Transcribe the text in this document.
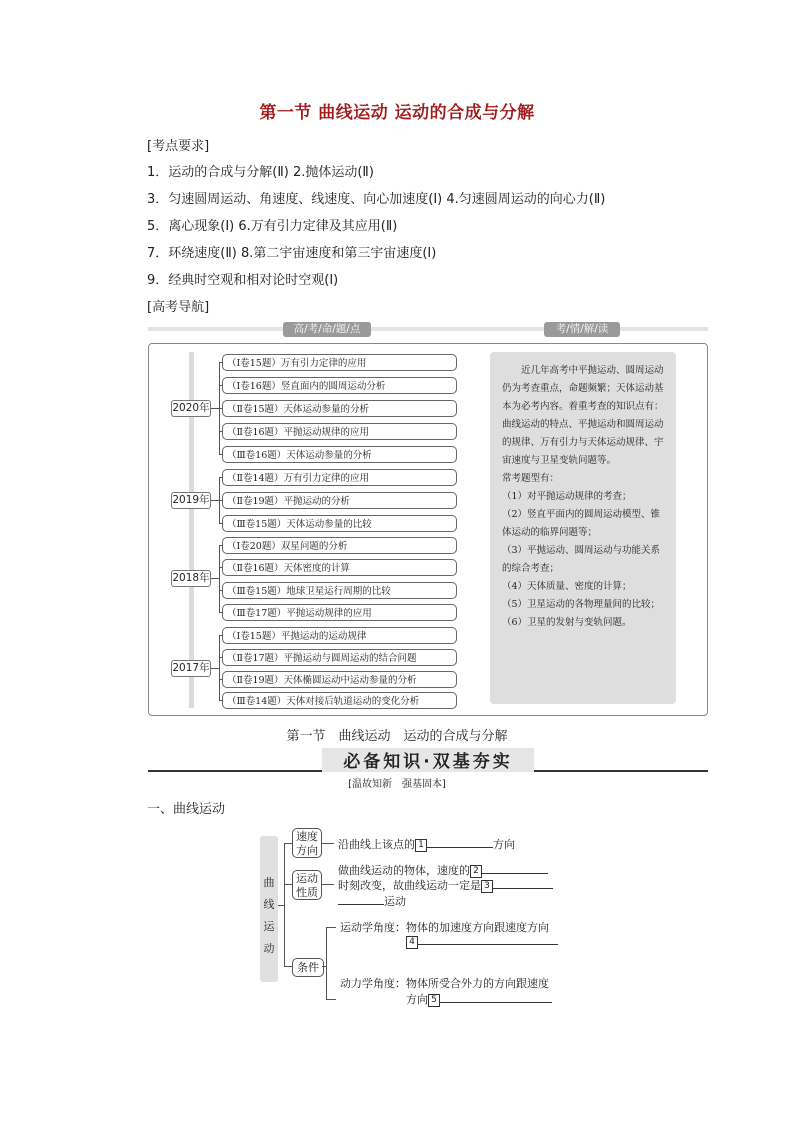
第一节 曲线运动 运动的合成与分解
[考点要求]
1．运动的合成与分解(Ⅱ) 2.抛体运动(Ⅱ)
3．匀速圆周运动、角速度、线速度、向心加速度(Ⅰ) 4.匀速圆周运动的向心力(Ⅱ)
5．离心现象(Ⅰ) 6.万有引力定律及其应用(Ⅱ)
7．环绕速度(Ⅱ) 8.第二宇宙速度和第三宇宙速度(Ⅰ)
9．经典时空观和相对论时空观(Ⅰ)
[高考导航]
高/考/命/题/点	考/情/解/读
2020年
2019年
2018年
2017年
（Ⅰ卷15题）万有引力定律的应用
（Ⅰ卷16题）竖直面内的圆周运动分析
（Ⅱ卷15题）天体运动参量的分析
（Ⅱ卷16题）平抛运动规律的应用
（Ⅲ卷16题）天体运动参量的分析
（Ⅱ卷14题）万有引力定律的应用
（Ⅱ卷19题）平抛运动的分析
（Ⅲ卷15题）天体运动参量的比较
（Ⅰ卷20题）双星问题的分析
（Ⅱ卷16题）天体密度的计算
（Ⅲ卷15题）地球卫星运行周期的比较
（Ⅲ卷17题）平抛运动规律的应用
（Ⅰ卷15题）平抛运动的运动规律
（Ⅱ卷17题）平抛运动与圆周运动的结合问题
（Ⅱ卷19题）天体椭圆运动中运动参量的分析
（Ⅲ卷14题）天体对接后轨道运动的变化分析

　　近几年高考中平抛运动、圆周运动仍为考查重点，命题频繁；天体运动基本为必考内容。着重考查的知识点有：曲线运动的特点、平抛运动和圆周运动的规律、万有引力与天体运动规律、宇宙速度与卫星变轨问题等。

常考题型有：

（1）对平抛运动规律的考查；

（2）竖直平面内的圆周运动模型、锥体运动的临界问题等；

（3）平抛运动、圆周运动与功能关系的综合考查；

（4）天体质量、密度的计算；

（5）卫星运动的各物理量间的比较；

（6）卫星的发射与变轨问题。

第一节　曲线运动　运动的合成与分解
必备知识·双基夯实
[温故知新　强基固本]
一、曲线运动
曲线运动
速度方向
运动性质
条件
沿曲线上该点的 1	方向
做曲线运动的物体，速度的 2
时刻改变，故曲线运动一定是 3
运动
运动学角度：物体的加速度方向跟速度方向
4
动力学角度：物体所受合外力的方向跟速度
方向 5
